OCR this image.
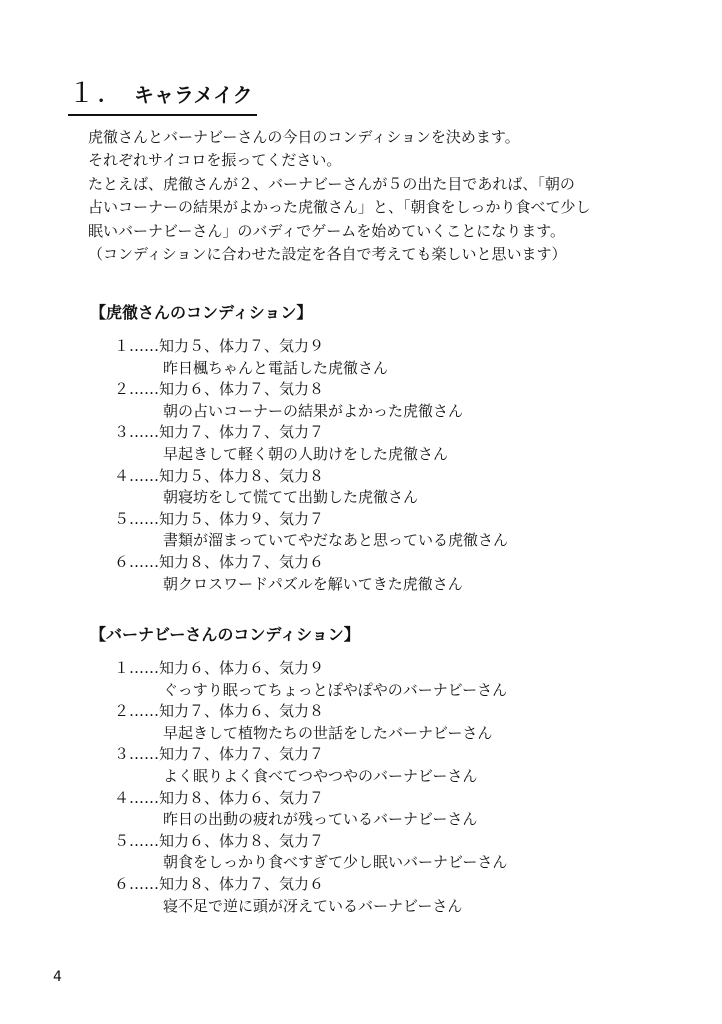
１． キャラメイク

虎徹さんとバーナビーさんの今日のコンディションを決めます。

それぞれサイコロを振ってください。

たとえば、虎徹さんが２、バーナビーさんが５の出た目であれば、「朝の

占いコーナーの結果がよかった虎徹さん」と、「朝食をしっかり食べて少し

眠いバーナビーさん」のバディでゲームを始めていくことになります。

（コンディションに合わせた設定を各自で考えても楽しいと思います）

【虎徹さんのコンディション】
１……知力５、体力７、気力９
昨日楓ちゃんと電話した虎徹さん
２……知力６、体力７、気力８
朝の占いコーナーの結果がよかった虎徹さん
３……知力７、体力７、気力７
早起きして軽く朝の人助けをした虎徹さん
４……知力５、体力８、気力８
朝寝坊をして慌てて出勤した虎徹さん
５……知力５、体力９、気力７
書類が溜まっていてやだなあと思っている虎徹さん
６……知力８、体力７、気力６
朝クロスワードパズルを解いてきた虎徹さん
【バーナビーさんのコンディション】
１……知力６、体力６、気力９
ぐっすり眠ってちょっとぽやぽやのバーナビーさん
２……知力７、体力６、気力８
早起きして植物たちの世話をしたバーナビーさん
３……知力７、体力７、気力７
よく眠りよく食べてつやつやのバーナビーさん
４……知力８、体力６、気力７
昨日の出動の疲れが残っているバーナビーさん
５……知力６、体力８、気力７
朝食をしっかり食べすぎて少し眠いバーナビーさん
６……知力８、体力７、気力６
寝不足で逆に頭が冴えているバーナビーさん
4
